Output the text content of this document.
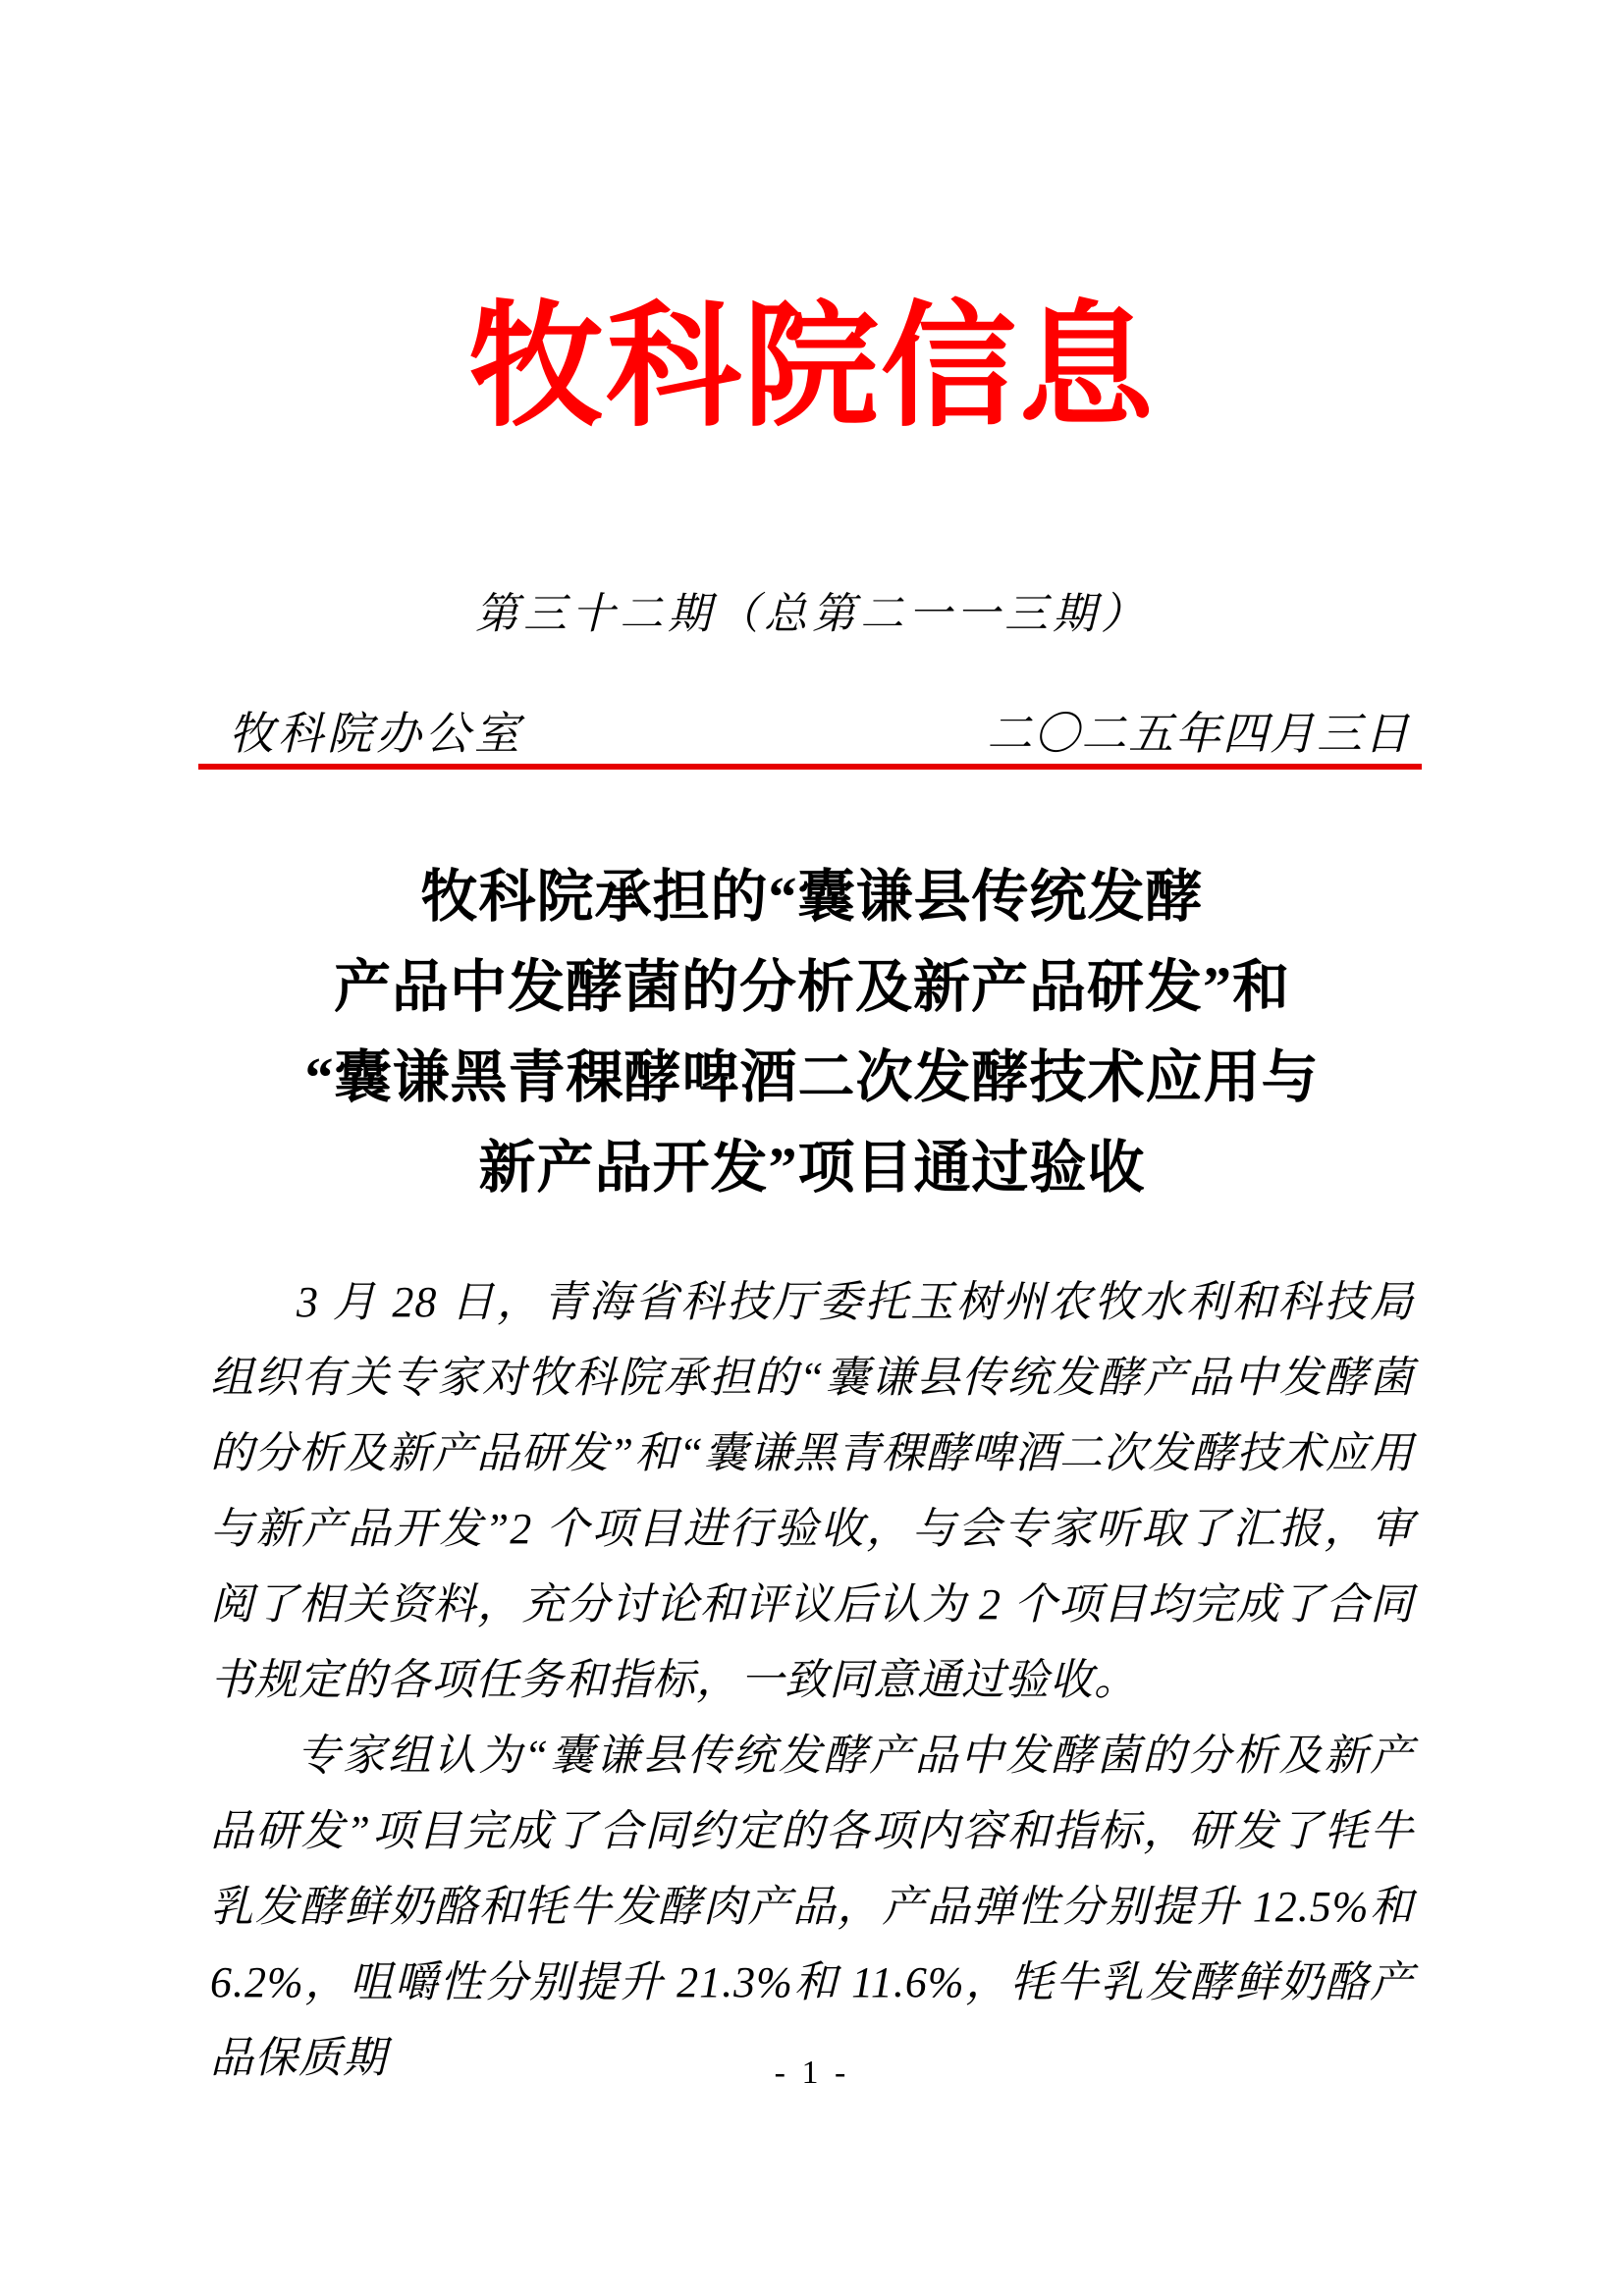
牧科院信息
第三十二期（总第二一一三期）
牧科院办公室	二〇二五年四月三日
牧科院承担的“囊谦县传统发酵
产品中发酵菌的分析及新产品研发”和
“囊谦黑青稞酵啤酒二次发酵技术应用与
新产品开发”项目通过验收

3 月 28 日，青海省科技厅委托玉树州农牧水利和科技局组织有关专家对牧科院承担的“囊谦县传统发酵产品中发酵菌的分析及新产品研发”和“囊谦黑青稞酵啤酒二次发酵技术应用与新产品开发”2 个项目进行验收，与会专家听取了汇报，审阅了相关资料，充分讨论和评议后认为 2 个项目均完成了合同书规定的各项任务和指标，一致同意通过验收。

专家组认为“囊谦县传统发酵产品中发酵菌的分析及新产品研发”项目完成了合同约定的各项内容和指标，研发了牦牛乳发酵鲜奶酪和牦牛发酵肉产品，产品弹性分别提升 12.5%和 6.2%，咀嚼性分别提升 21.3%和 11.6%，牦牛乳发酵鲜奶酪产品保质期	- 1 -
